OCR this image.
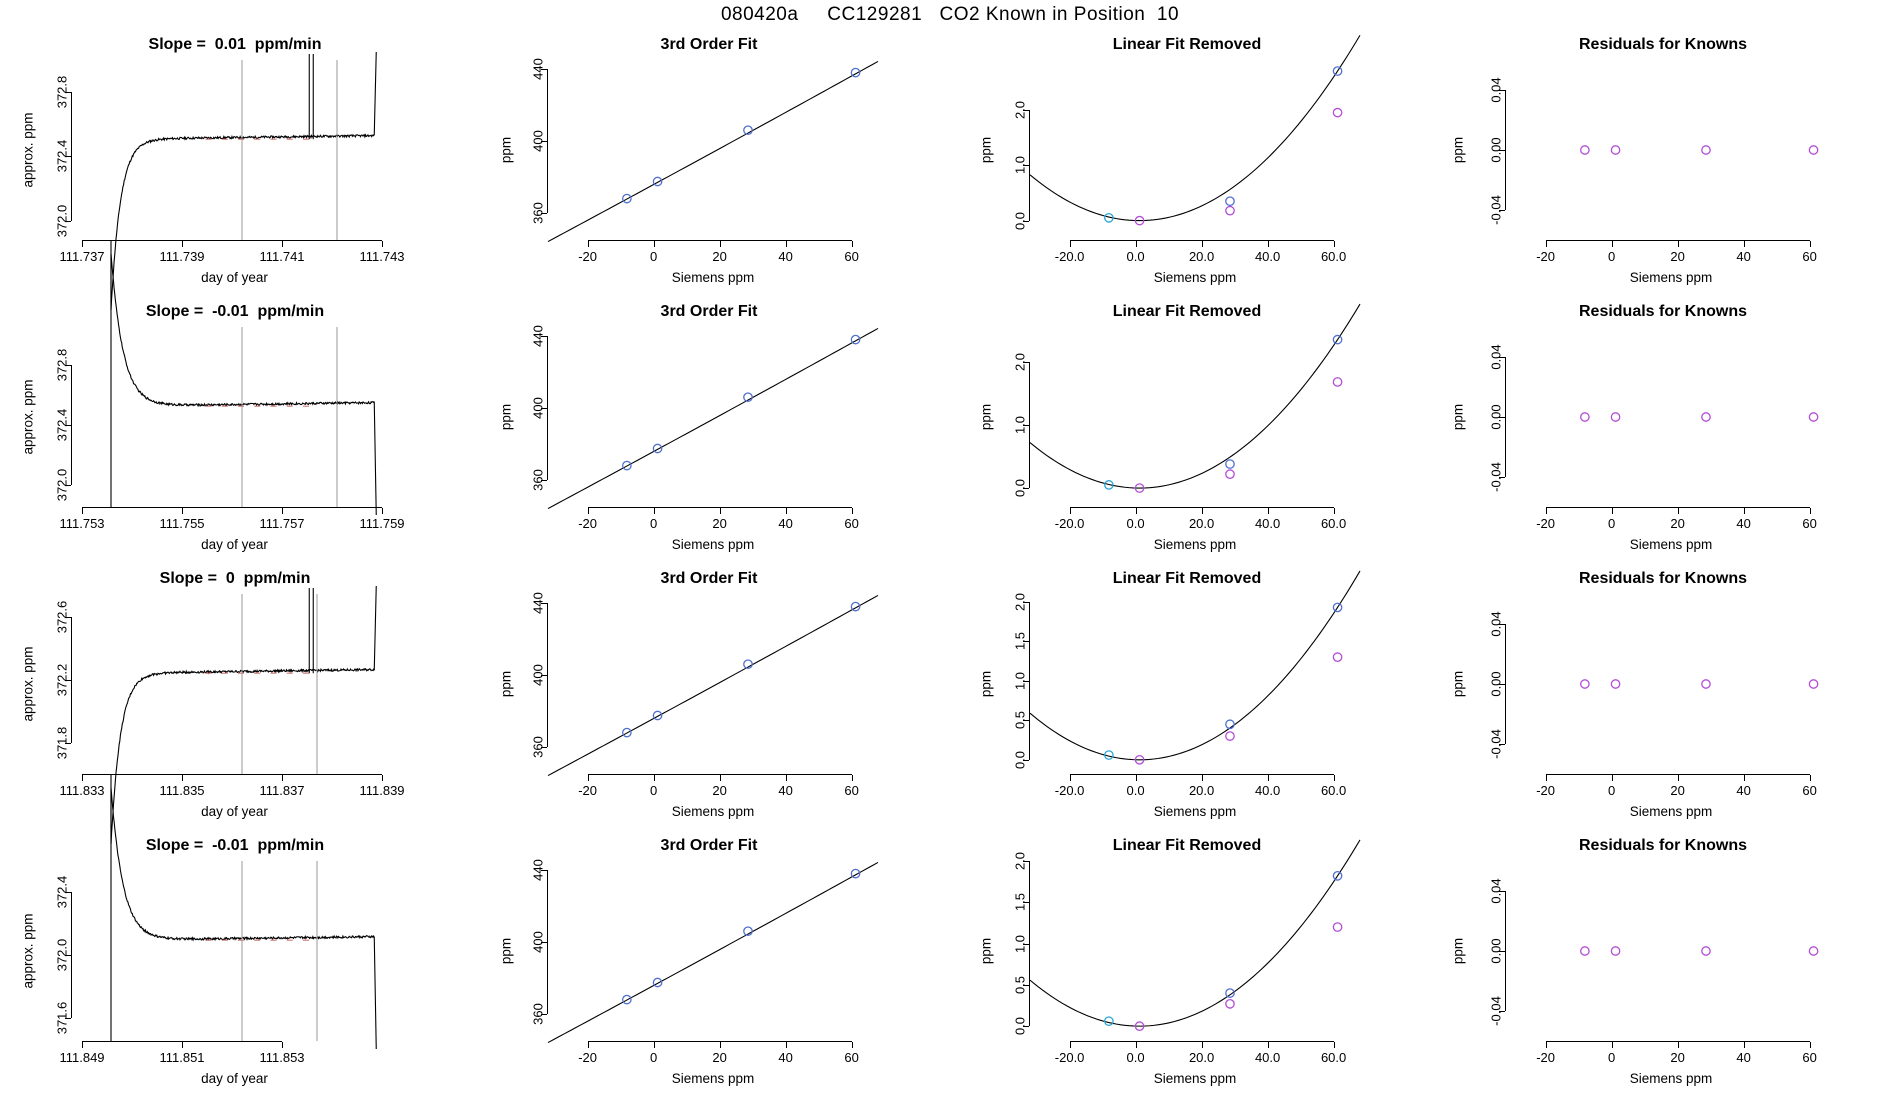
080420a     CC129281   CO2 Known in Position  10
Slope =  0.01  ppm/min
111.737	111.739	111.741	111.743
372.0
372.4
372.8
day of year
approx. ppm
3rd Order Fit
-20	0	20	40	60
360
400
440
Siemens ppm
ppm
Linear Fit Removed
-20.0	0.0	20.0	40.0	60.0
0.0
1.0
2.0
Siemens ppm
ppm
Residuals for Knowns
-20	0	20	40	60
-0.04
0.00
0.04
Siemens ppm
ppm
Slope =  -0.01  ppm/min
111.753	111.755	111.757	111.759
372.0
372.4
372.8
day of year
approx. ppm
3rd Order Fit
-20	0	20	40	60
360
400
440
Siemens ppm
ppm
Linear Fit Removed
-20.0	0.0	20.0	40.0	60.0
0.0
1.0
2.0
Siemens ppm
ppm
Residuals for Knowns
-20	0	20	40	60
-0.04
0.00
0.04
Siemens ppm
ppm
Slope =  0  ppm/min
111.833	111.835	111.837	111.839
371.8
372.2
372.6
day of year
approx. ppm
3rd Order Fit
-20	0	20	40	60
360
400
440
Siemens ppm
ppm
Linear Fit Removed
-20.0	0.0	20.0	40.0	60.0
0.0
0.5
1.0
1.5
2.0
Siemens ppm
ppm
Residuals for Knowns
-20	0	20	40	60
-0.04
0.00
0.04
Siemens ppm
ppm
Slope =  -0.01  ppm/min
111.849	111.851	111.853
371.6
372.0
372.4
day of year
approx. ppm
3rd Order Fit
-20	0	20	40	60
360
400
440
Siemens ppm
ppm
Linear Fit Removed
-20.0	0.0	20.0	40.0	60.0
0.0
0.5
1.0
1.5
2.0
Siemens ppm
ppm
Residuals for Knowns
-20	0	20	40	60
-0.04
0.00
0.04
Siemens ppm
ppm
